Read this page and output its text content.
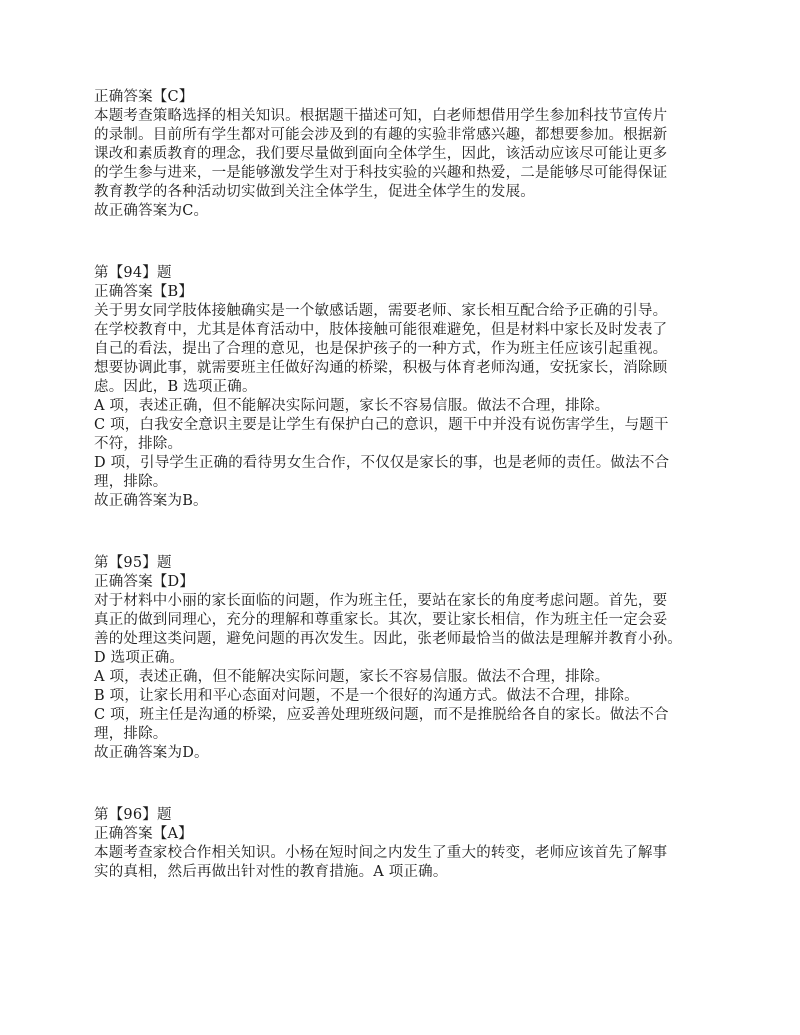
正确答案【C】
本题考查策略选择的相关知识。根据题干描述可知，白老师想借用学生参加科技节宣传片
的录制。目前所有学生都对可能会涉及到的有趣的实验非常感兴趣，都想要参加。根据新
课改和素质教育的理念，我们要尽量做到面向全体学生，因此，该活动应该尽可能让更多
的学生参与进来，一是能够激发学生对于科技实验的兴趣和热爱，二是能够尽可能得保证
教育教学的各种活动切实做到关注全体学生，促进全体学生的发展。
故正确答案为C。
第【94】题
正确答案【B】
关于男女同学肢体接触确实是一个敏感话题，需要老师、家长相互配合给予正确的引导。
在学校教育中，尤其是体育活动中，肢体接触可能很难避免，但是材料中家长及时发表了
自己的看法，提出了合理的意见，也是保护孩子的一种方式，作为班主任应该引起重视。
想要协调此事，就需要班主任做好沟通的桥梁，积极与体育老师沟通，安抚家长，消除顾
虑。因此，B 选项正确。
A 项，表述正确，但不能解决实际问题，家长不容易信服。做法不合理，排除。
C 项，白我安全意识主要是让学生有保护白己的意识，题干中并没有说伤害学生，与题干
不符，排除。
D 项，引导学生正确的看待男女生合作，不仅仅是家长的事，也是老师的责任。做法不合
理，排除。
故正确答案为B。
第【95】题
正确答案【D】
对于材料中小丽的家长面临的问题，作为班主任，要站在家长的角度考虑问题。首先，要
真正的做到同理心，充分的理解和尊重家长。其次，要让家长相信，作为班主任一定会妥
善的处理这类问题，避免问题的再次发生。因此，张老师最恰当的做法是理解并教育小孙。
D 选项正确。
A 项，表述正确，但不能解决实际问题，家长不容易信服。做法不合理，排除。
B 项，让家长用和平心态面对问题，不是一个很好的沟通方式。做法不合理，排除。
C 项，班主任是沟通的桥梁，应妥善处理班级问题，而不是推脱给各自的家长。做法不合
理，排除。
故正确答案为D。
第【96】题
正确答案【A】
本题考查家校合作相关知识。小杨在短时间之内发生了重大的转变，老师应该首先了解事
实的真相，然后再做出针对性的教育措施。A 项正确。
